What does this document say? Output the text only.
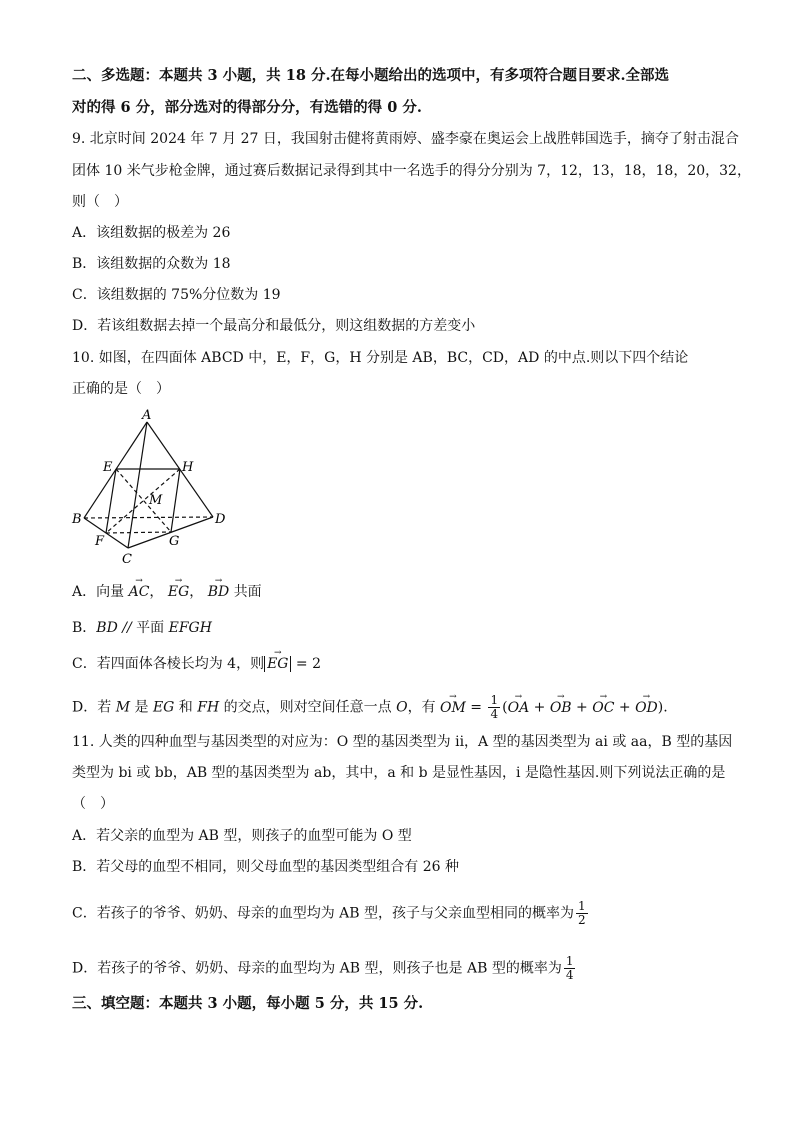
二、多选题：本题共 3 小题，共 18 分.在每小题给出的选项中，有多项符合题目要求.全部选
对的得 6 分，部分选对的得部分分，有选错的得 0 分.
9. 北京时间 2024 年 7 月 27 日，我国射击健将黄雨婷、盛李豪在奥运会上战胜韩国选手，摘夺了射击混合
团体 10 米气步枪金牌，通过赛后数据记录得到其中一名选手的得分分别为 7，12，13，18，18，20，32，
则（　）
A．该组数据的极差为 26
B．该组数据的众数为 18
C．该组数据的 75%分位数为 19
D．若该组数据去掉一个最高分和最低分，则这组数据的方差变小
10. 如图，在四面体 ABCD 中，E，F，G，H 分别是 AB，BC，CD，AD 的中点.则以下四个结论
正确的是（　）
A
B
C
D
E
F
H
G
M
A．向量 → AC， → EG， → BD 共面
B．BD // 平面 EFGH
C．若四面体各棱长均为 4，则 → EG = 2
D．若 M 是 EG 和 FH 的交点，则对空间任意一点 O，有 → OM = $\frac{1}{4}$ (→ OA + → OB + → OC + → OD).
11. 人类的四种血型与基因类型的对应为：O 型的基因类型为 ii，A 型的基因类型为 ai 或 aa，B 型的基因
类型为 bi 或 bb，AB 型的基因类型为 ab，其中，a 和 b 是显性基因，i 是隐性基因.则下列说法正确的是
（　）
A．若父亲的血型为 AB 型，则孩子的血型可能为 O 型
B．若父母的血型不相同，则父母血型的基因类型组合有 26 种
C．若孩子的爷爷、奶奶、母亲的血型均为 AB 型，孩子与父亲血型相同的概率为 $\frac{1}{2}$
D．若孩子的爷爷、奶奶、母亲的血型均为 AB 型，则孩子也是 AB 型的概率为 $\frac{1}{4}$
三、填空题：本题共 3 小题，每小题 5 分，共 15 分.
